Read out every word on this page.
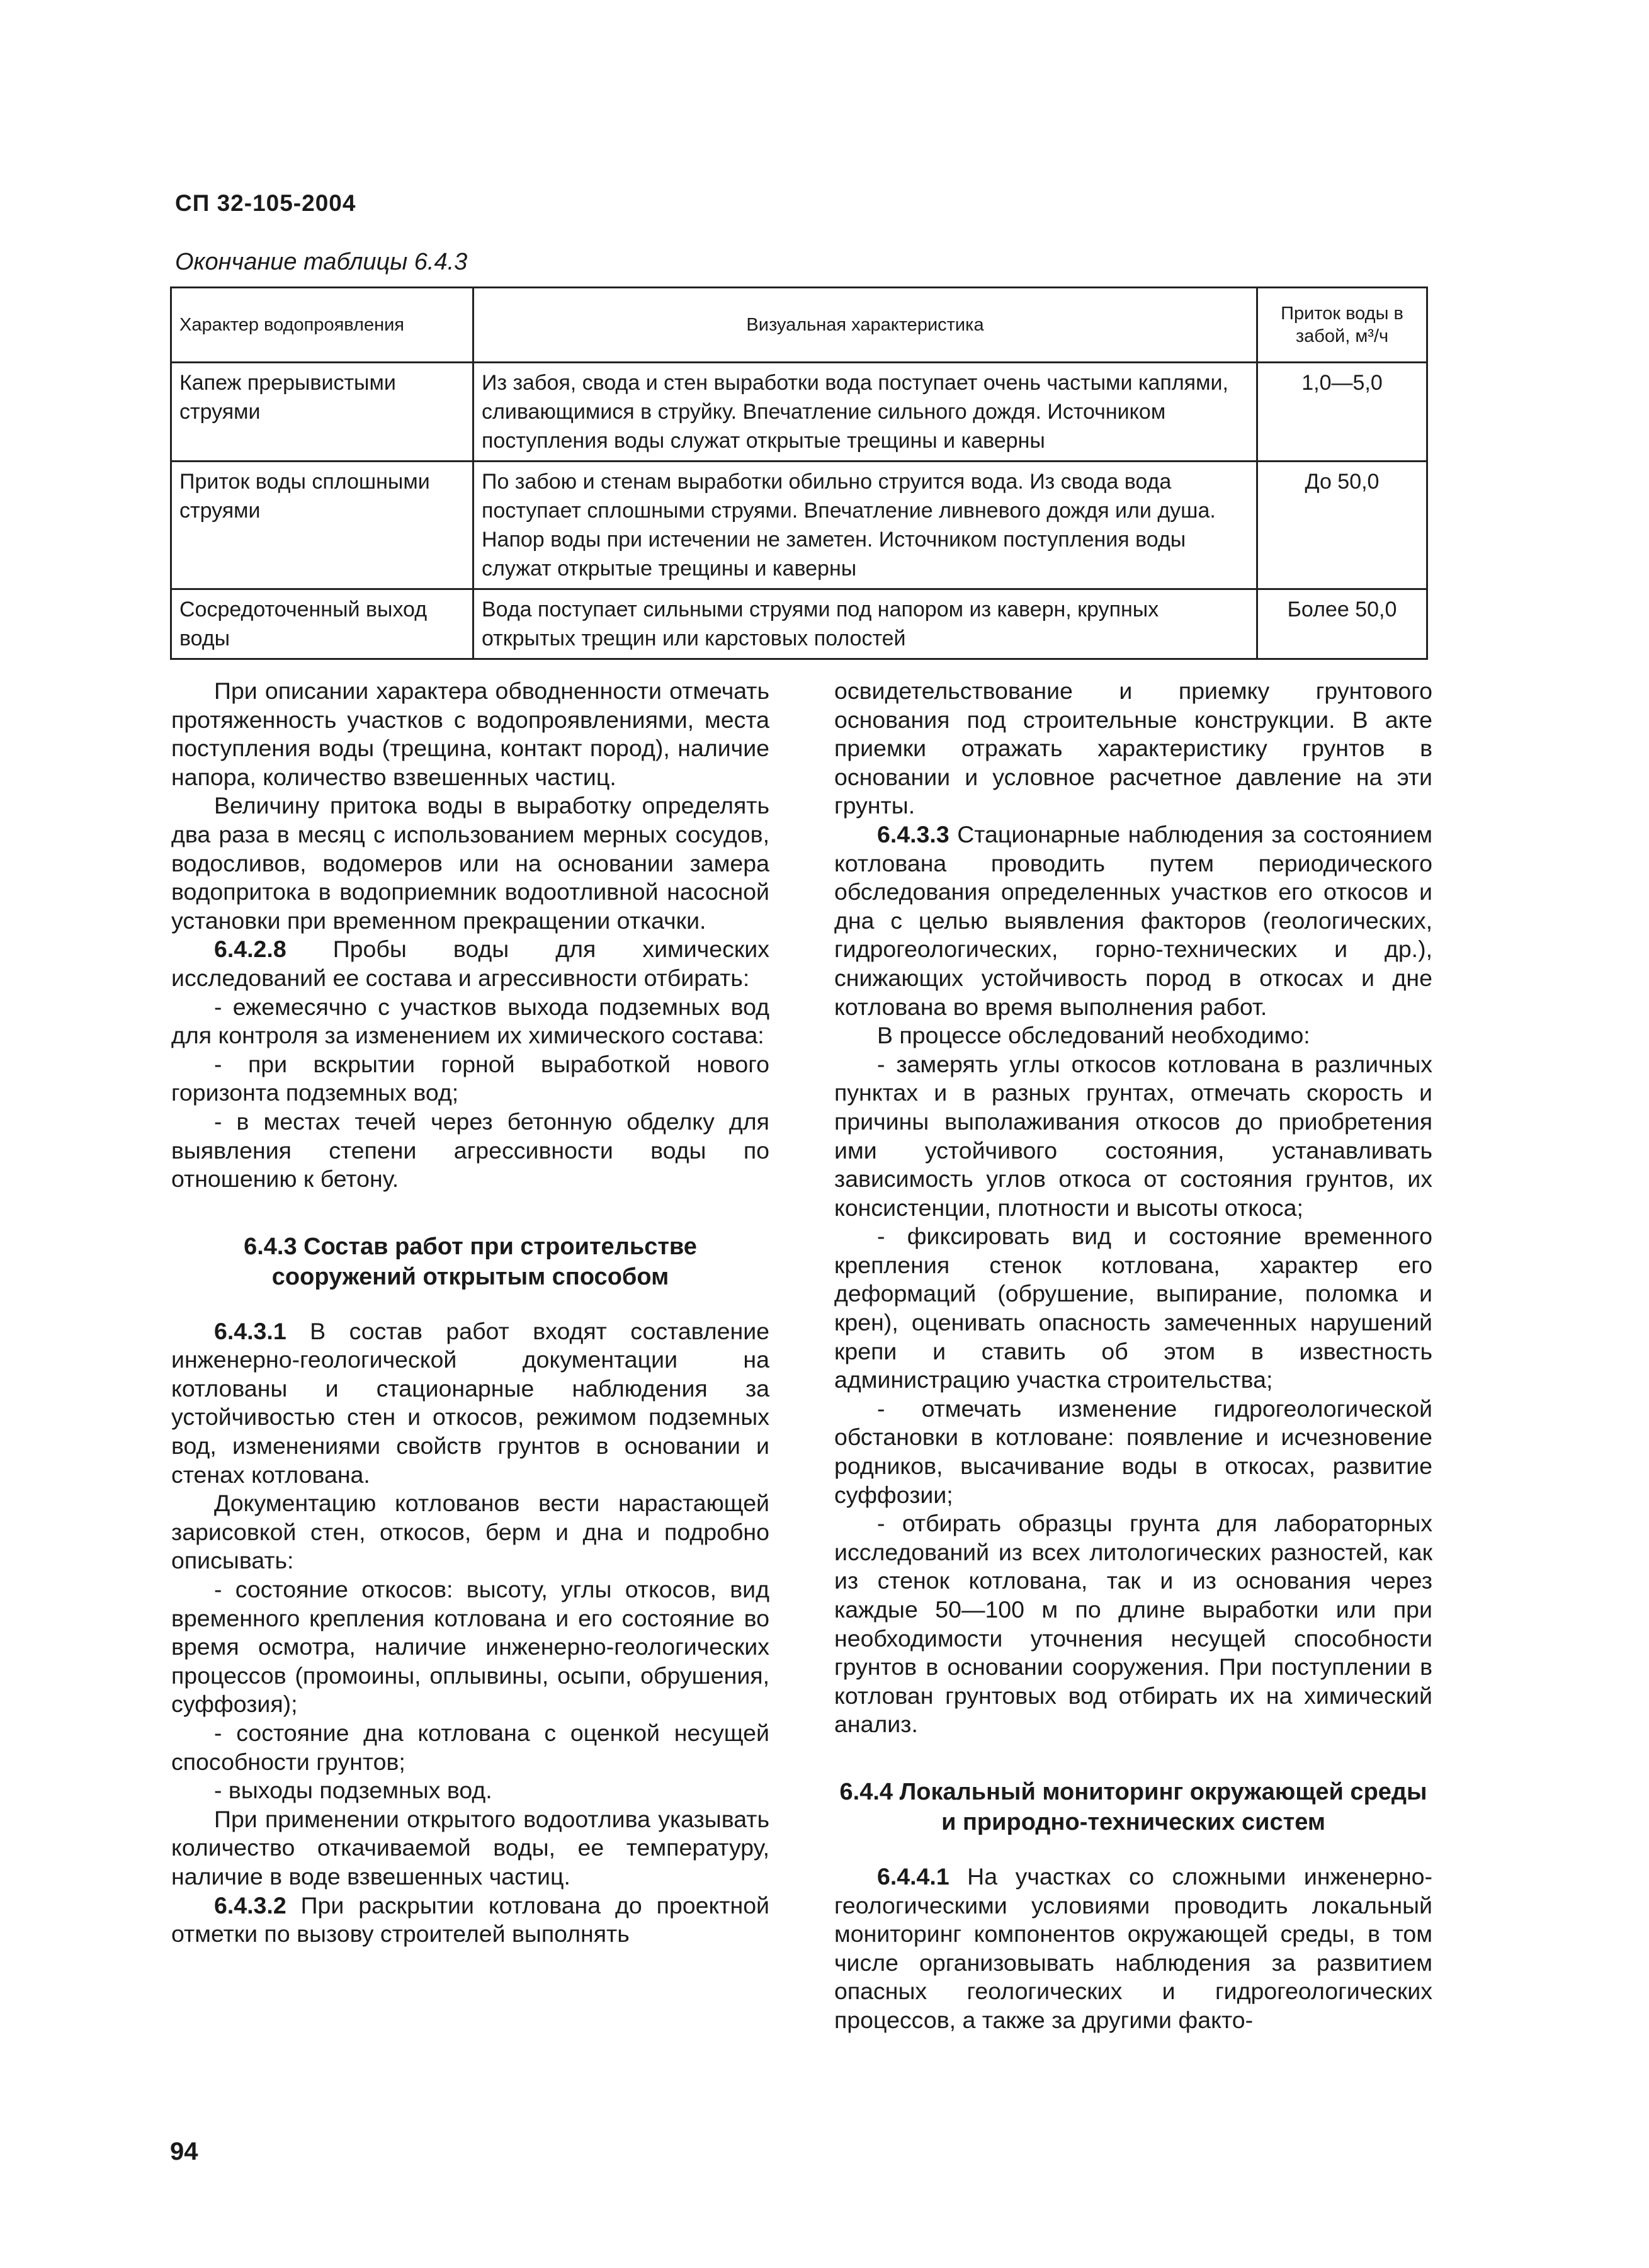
СП 32-105-2004
Окончание таблицы 6.4.3
Характер водопроявления	Визуальная характеристика	Приток воды в забой, м³/ч
Капеж прерывистыми струями	Из забоя, свода и стен выработки вода поступает очень частыми каплями, сливающимися в струйку. Впечатление сильного дождя. Источником поступления воды служат открытые трещины и каверны	1,0—5,0
Приток воды сплошными струями	По забою и стенам выработки обильно струится вода. Из свода вода поступает сплошными струями. Впечатление ливневого дождя или душа. Напор воды при истечении не заметен. Источником поступления воды служат открытые трещины и каверны	До 50,0
Сосредоточенный выход воды	Вода поступает сильными струями под напором из каверн, крупных открытых трещин или карстовых полостей	Более 50,0

При описании характера обводненности отмечать протяженность участков с водопроявлениями, места поступления воды (трещина, контакт пород), наличие напора, количество взвешенных частиц.

Величину притока воды в выработку определять два раза в месяц с использованием мерных сосудов, водосливов, водомеров или на основании замера водопритока в водоприемник водоотливной насосной установки при временном прекращении откачки.

6.4.2.8 Пробы воды для химических исследований ее состава и агрессивности отбирать:

- ежемесячно с участков выхода подземных вод для контроля за изменением их химического состава:

- при вскрытии горной выработкой нового горизонта подземных вод;

- в местах течей через бетонную обделку для выявления степени агрессивности воды по отношению к бетону.

6.4.3 Состав работ при строительстве сооружений открытым способом

6.4.3.1 В состав работ входят составление инженерно-геологической документации на котлованы и стационарные наблюдения за устойчивостью стен и откосов, режимом подземных вод, изменениями свойств грунтов в основании и стенах котлована.

Документацию котлованов вести нарастающей зарисовкой стен, откосов, берм и дна и подробно описывать:

- состояние откосов: высоту, углы откосов, вид временного крепления котлована и его состояние во время осмотра, наличие инженерно-геологических процессов (промоины, оплывины, осыпи, обрушения, суффозия);

- состояние дна котлована с оценкой несущей способности грунтов;

- выходы подземных вод.

При применении открытого водоотлива указывать количество откачиваемой воды, ее температуру, наличие в воде взвешенных частиц.

6.4.3.2 При раскрытии котлована до проектной отметки по вызову строителей выполнять

освидетельствование и приемку грунтового основания под строительные конструкции. В акте приемки отражать характеристику грунтов в основании и условное расчетное давление на эти грунты.

6.4.3.3 Стационарные наблюдения за состоянием котлована проводить путем периодического обследования определенных участков его откосов и дна с целью выявления факторов (геологических, гидрогеологических, горно-технических и др.), снижающих устойчивость пород в откосах и дне котлована во время выполнения работ.

В процессе обследований необходимо:

- замерять углы откосов котлована в различных пунктах и в разных грунтах, отмечать скорость и причины выполаживания откосов до приобретения ими устойчивого состояния, устанавливать зависимость углов откоса от состояния грунтов, их консистенции, плотности и высоты откоса;

- фиксировать вид и состояние временного крепления стенок котлована, характер его деформаций (обрушение, выпирание, поломка и крен), оценивать опасность замеченных нарушений крепи и ставить об этом в известность администрацию участка строительства;

- отмечать изменение гидрогеологической обстановки в котловане: появление и исчезновение родников, высачивание воды в откосах, развитие суффозии;

- отбирать образцы грунта для лабораторных исследований из всех литологических разностей, как из стенок котлована, так и из основания через каждые 50—100 м по длине выработки или при необходимости уточнения несущей способности грунтов в основании сооружения. При поступлении в котлован грунтовых вод отбирать их на химический анализ.

6.4.4 Локальный мониторинг окружающей среды и природно-технических систем

6.4.4.1 На участках со сложными инженерно-геологическими условиями проводить локальный мониторинг компонентов окружающей среды, в том числе организовывать наблюдения за развитием опасных геологических и гидрогеологических процессов, а также за другими факто-

94
